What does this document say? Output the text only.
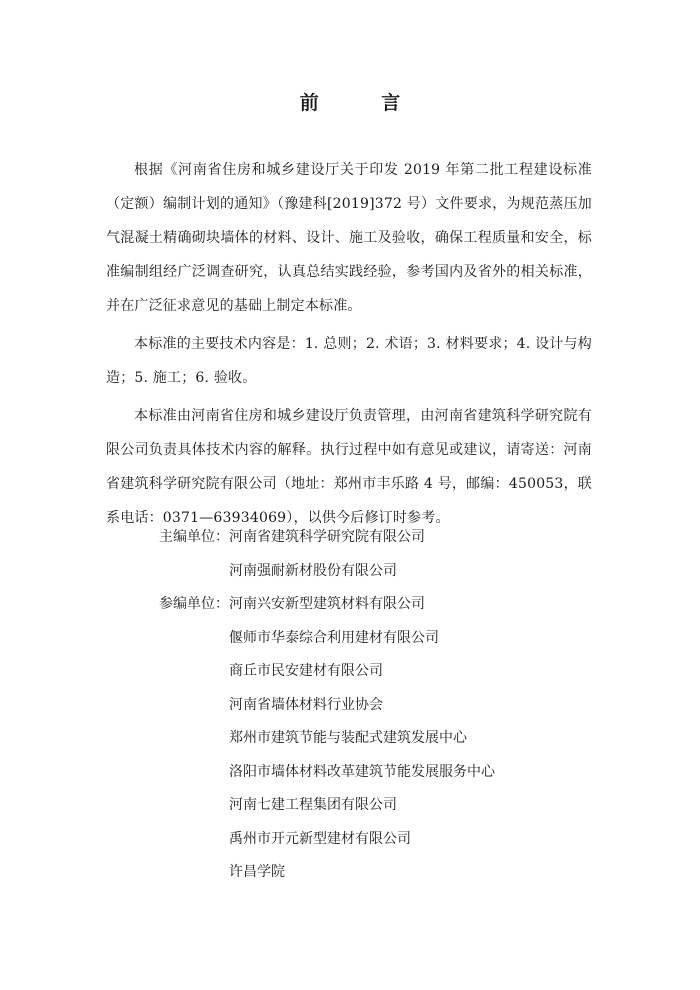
前 言

根据《河南省住房和城乡建设厅关于印发 2019 年第二批工程建设标准（定额）编制计划的通知》（豫建科[2019]372 号）文件要求，为规范蒸压加气混凝土精确砌块墙体的材料、设计、施工及验收，确保工程质量和安全，标准编制组经广泛调查研究，认真总结实践经验，参考国内及省外的相关标准，并在广泛征求意见的基础上制定本标准。

本标准的主要技术内容是：1. 总则；2. 术语；3. 材料要求；4. 设计与构造；5. 施工；6. 验收。

本标准由河南省住房和城乡建设厅负责管理，由河南省建筑科学研究院有限公司负责具体技术内容的解释。执行过程中如有意见或建议，请寄送：河南省建筑科学研究院有限公司（地址：郑州市丰乐路 4 号，邮编：450053，联系电话：0371—63934069），以供今后修订时参考。

主编单位： 河南省建筑科学研究院有限公司
河南强耐新材股份有限公司
参编单位： 河南兴安新型建筑材料有限公司
偃师市华泰综合利用建材有限公司
商丘市民安建材有限公司
河南省墙体材料行业协会
郑州市建筑节能与装配式建筑发展中心
洛阳市墙体材料改革建筑节能发展服务中心
河南七建工程集团有限公司
禹州市开元新型建材有限公司
许昌学院
